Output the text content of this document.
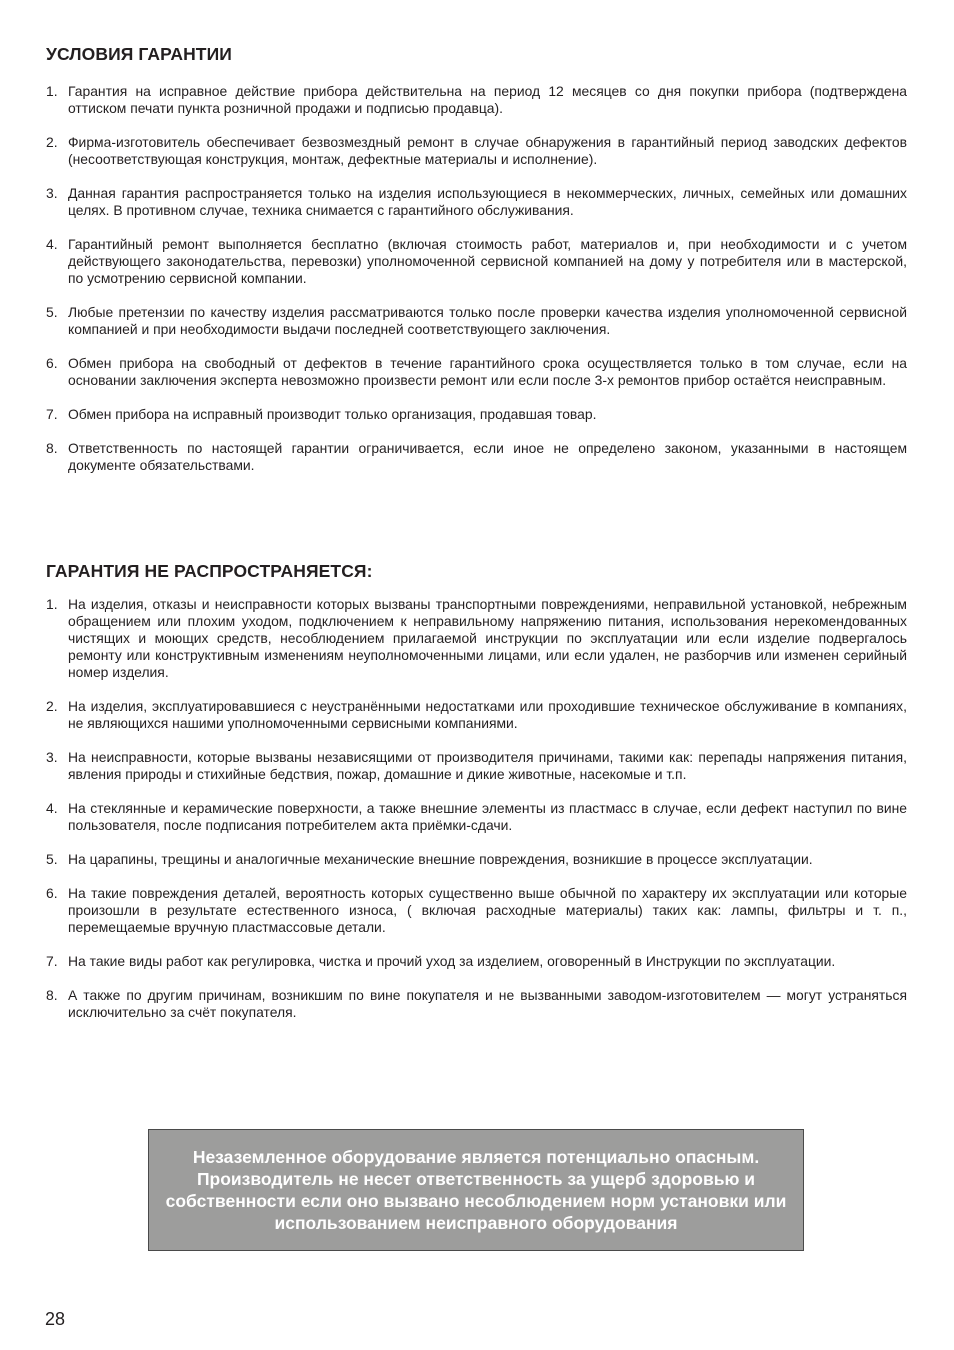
УСЛОВИЯ ГАРАНТИИ
1. Гарантия на исправное действие прибора действительна на период 12 месяцев со дня покупки прибора (подтверждена оттиском печати пункта розничной продажи и подписью продавца).
2. Фирма-изготовитель обеспечивает безвозмездный ремонт в случае обнаружения в гарантийный период заводских дефектов (несоответствующая конструкция, монтаж, дефектные материалы и исполнение).
3. Данная гарантия распространяется только на изделия использующиеся в некоммерческих, личных, семейных или домашних целях. В противном случае, техника снимается с гарантийного обслуживания.
4. Гарантийный ремонт выполняется бесплатно (включая стоимость работ, материалов и, при необходимости и с учетом действующего законодательства, перевозки) уполномоченной сервисной компанией на дому у потребителя или в мастерской, по усмотрению сервисной компании.
5. Любые претензии по качеству изделия рассматриваются только после проверки качества изделия уполномоченной сервисной компанией и при необходимости выдачи последней соответствующего заключения.
6. Обмен прибора на свободный от дефектов в течение гарантийного срока осуществляется только в том случае, если на основании заключения эксперта невозможно произвести ремонт или если после 3-х ремонтов прибор остаётся неисправным.
7. Обмен прибора на исправный производит только организация, продавшая товар.
8. Ответственность по настоящей гарантии ограничивается, если иное не определено законом, указанными в настоящем документе обязательствами.
ГАРАНТИЯ НЕ РАСПРОСТРАНЯЕТСЯ:
1. На изделия, отказы и неисправности которых вызваны транспортными повреждениями, неправильной установкой, небрежным обращением или плохим уходом, подключением к неправильному напряжению питания, использования нерекомендованных чистящих и моющих средств, несоблюдением прилагаемой инструкции по эксплуатации или если изделие подвергалось ремонту или конструктивным изменениям неуполномоченными лицами, или если удален, не разборчив или изменен серийный номер изделия.
2. На изделия, эксплуатировавшиеся с неустранёнными недостатками или проходившие техническое обслуживание в компаниях, не являющихся нашими уполномоченными сервисными компаниями.
3. На неисправности, которые вызваны независящими от производителя причинами, такими как: перепады напряжения питания, явления природы и стихийные бедствия, пожар, домашние и дикие животные, насекомые и т.п.
4. На стеклянные и керамические поверхности, а также внешние элементы из пластмасс в случае, если дефект наступил по вине пользователя, после подписания потребителем акта приёмки-сдачи.
5. На царапины, трещины и аналогичные механические внешние повреждения, возникшие в процессе эксплуатации.
6. На такие повреждения деталей, вероятность которых существенно выше обычной по характеру их эксплуатации или которые произошли в результате естественного износа, ( включая расходные материалы) таких как: лампы, фильтры и т. п., перемещаемые вручную пластмассовые детали.
7. На такие виды работ как регулировка, чистка и прочий уход за изделием, оговоренный в Инструкции по эксплуатации.
8. А также по другим причинам, возникшим по вине покупателя и не вызванными заводом-изготовителем — могут устраняться исключительно за счёт покупателя.

Незаземленное оборудование является потенциально опасным.
Производитель не несет ответственность за ущерб здоровью и собственности если оно вызвано несоблюдением норм установки или использованием неисправного оборудования

28
